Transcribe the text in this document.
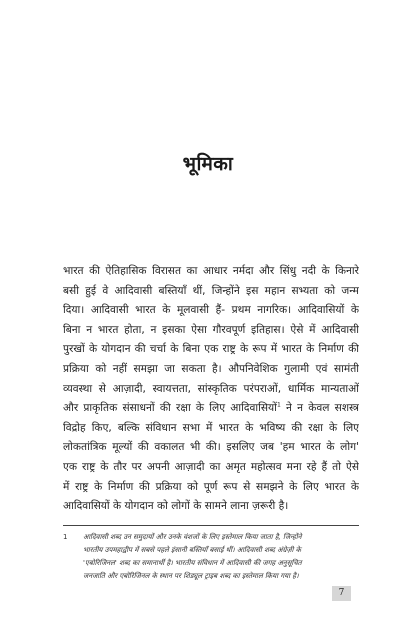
भूमिका
भारत की ऐतिहासिक विरासत का आधार नर्मदा और सिंधु नदी के किनारे
बसी हुई वे आदिवासी बस्तियाँ थीं, जिन्होंने इस महान सभ्यता को जन्म
दिया। आदिवासी भारत के मूलवासी हैं- प्रथम नागरिक। आदिवासियों के
बिना न भारत होता, न इसका ऐसा गौरवपूर्ण इतिहास। ऐसे में आदिवासी
पुरखों के योगदान की चर्चा के बिना एक राष्ट्र के रूप में भारत के निर्माण की
प्रक्रिया को नहीं समझा जा सकता है। औपनिवेशिक गुलामी एवं सामंती
व्यवस्था से आज़ादी, स्वायत्तता, सांस्कृतिक परंपराओं, धार्मिक मान्यताओं
और प्राकृतिक संसाधनों की रक्षा के लिए आदिवासियों$^1$ ने न केवल सशस्त्र
विद्रोह किए, बल्कि संविधान सभा में भारत के भविष्य की रक्षा के लिए
लोकतांत्रिक मूल्यों की वकालत भी की। इसलिए जब 'हम भारत के लोग'
एक राष्ट्र के तौर पर अपनी आज़ादी का अमृत महोत्सव मना रहे हैं तो ऐसे
में राष्ट्र के निर्माण की प्रक्रिया को पूर्ण रूप से समझने के लिए भारत के
आदिवासियों के योगदान को लोगों के सामने लाना ज़रूरी है।
1 आदिवासी शब्द उन समुदायों और उनके वंशजों के लिए इस्तेमाल किया जाता है, जिन्होंने
भारतीय उपमहाद्वीप में सबसे पहले इंसानी बस्तियाँ बसाई थीं। आदिवासी शब्द अंग्रेज़ी के
'एबोरिजिनल' शब्द का समानार्थी है। भारतीय संविधान में आदिवासी की जगह अनुसूचित
जनजाति और एबोरिजिनल के स्थान पर शिड्यूल ट्राइब शब्द का इस्तेमाल किया गया है।
7
